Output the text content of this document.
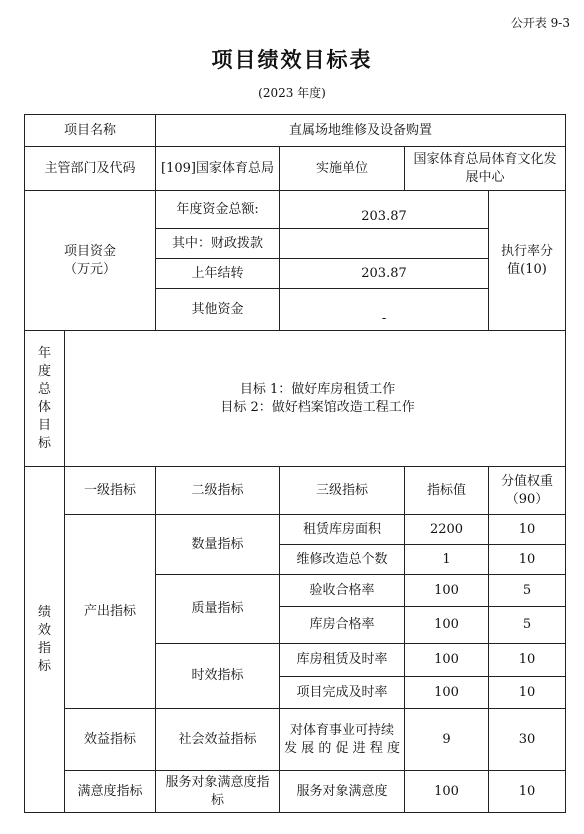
公开表 9-3
项目绩效目标表
(2023 年度)
项目名称		直属场地维修及设备购置			
主管部门及代码		[109]国家体育总局	实施单位	国家体育总局体育文化发展中心	
项目资金（万元）		年度资金总额:	203.87		执行率分值(10)
		其中：财政拨款			
		上年结转	203.87		
		其他资金	-		
年度总体目标	目标 1：做好库房租赁工作
目标 2：做好档案馆改造工程工作				

绩效指标	一级指标	二级指标	三级指标	指标值	分值权重（90）
	产出指标	数量指标	租赁库房面积	2200	10
			维修改造总个数	1	10
		质量指标	验收合格率	100	5
			库房合格率	100	5
		时效指标	库房租赁及时率	100	10
			项目完成及时率	100	10
	效益指标	社会效益指标	对体育事业可持续发展的促进程度	9	30
	满意度指标	服务对象满意度指标	服务对象满意度	100	10
